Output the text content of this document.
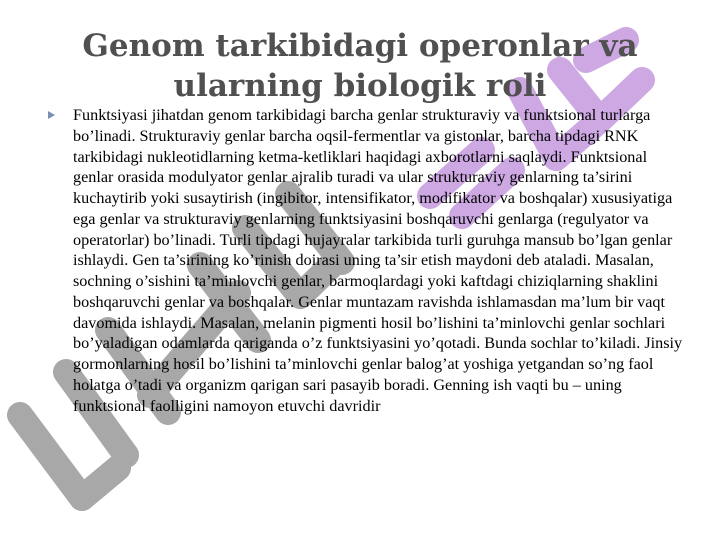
Genom tarkibidagi operonlar va
ularning biologik roli

Funktsiyasi jihatdan genom tarkibidagi barcha genlar strukturaviy va funktsional turlarga bo’linadi. Strukturaviy genlar barcha oqsil-fermentlar va gistonlar, barcha tipdagi RNK tarkibidagi nukleotidlarning ketma-ketliklari haqidagi axborotlarni saqlaydi. Funktsional genlar orasida modulyator genlar ajralib turadi va ular strukturaviy genlarning ta’sirini kuchaytirib yoki susaytirish (ingibitor, intensifikator, modifikator va boshqalar) xususiyatiga ega genlar va strukturaviy genlarning funktsiyasini boshqaruvchi genlarga (regulyator va operatorlar) bo’linadi. Turli tipdagi hujayralar tarkibida turli guruhga mansub bo’lgan genlar ishlaydi. Gen ta’sirining ko’rinish doirasi uning ta’sir etish maydoni deb ataladi. Masalan, sochning o’sishini ta’minlovchi genlar, barmoqlardagi yoki kaftdagi chiziqlarning shaklini boshqaruvchi genlar va boshqalar. Genlar muntazam ravishda ishlamasdan ma’lum bir vaqt davomida ishlaydi. Masalan, melanin pigmenti hosil bo’lishini ta’minlovchi genlar sochlari bo’yaladigan odamlarda qariganda o’z funktsiyasini yo’qotadi. Bunda sochlar to’kiladi. Jinsiy gormonlarning hosil bo’lishini ta’minlovchi genlar balog’at yoshiga yetgandan so’ng faol holatga o’tadi va organizm qarigan sari pasayib boradi. Genning ish vaqti bu – uning funktsional faolligini namoyon etuvchi davridir
